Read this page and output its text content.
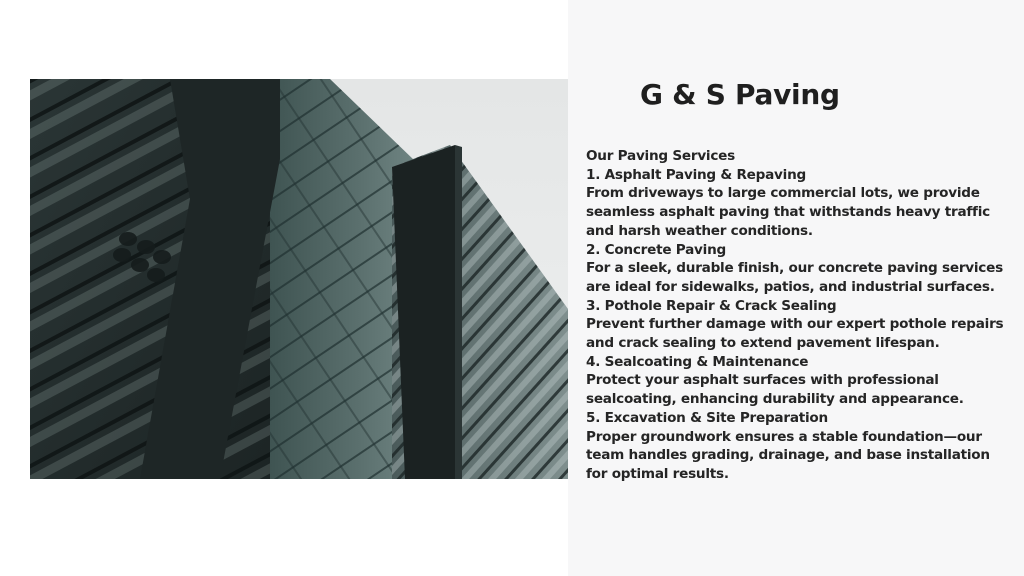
G & S Paving

Our Paving Services

1. Asphalt Paving & Repaving

From driveways to large commercial lots, we provide seamless asphalt paving that withstands heavy traffic and harsh weather conditions.

2. Concrete Paving

For a sleek, durable finish, our concrete paving services are ideal for sidewalks, patios, and industrial surfaces.

3. Pothole Repair & Crack Sealing

Prevent further damage with our expert pothole repairs and crack sealing to extend pavement lifespan.

4. Sealcoating & Maintenance

Protect your asphalt surfaces with professional sealcoating, enhancing durability and appearance.

5. Excavation & Site Preparation

Proper groundwork ensures a stable foundation—our team handles grading, drainage, and base installation for optimal results.
